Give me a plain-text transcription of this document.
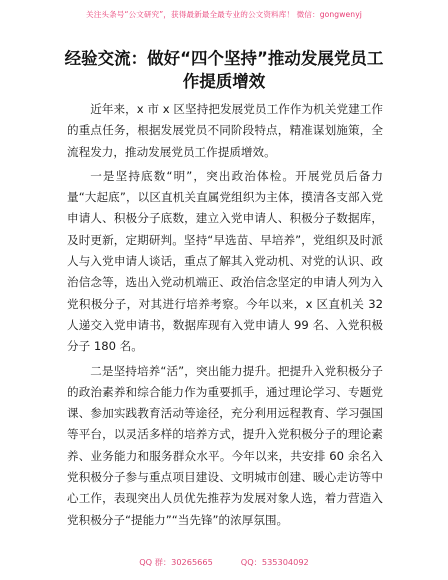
关注头条号“公文研究”，获得最新最全最专业的公文资料库！ 微信：gongwenyj
经验交流：做好“四个坚持”推动发展党员工作提质增效

近年来，x 市 x 区坚持把发展党员工作作为机关党建工作的重点任务，根据发展党员不同阶段特点，精准谋划施策，全流程发力，推动发展党员工作提质增效。

一是坚持底数“明”，突出政治体检。开展党员后备力量“大起底”，以区直机关直属党组织为主体，摸清各支部入党申请人、积极分子底数，建立入党申请人、积极分子数据库，及时更新，定期研判。坚持“早选苗、早培养”，党组织及时派人与入党申请人谈话，重点了解其入党动机、对党的认识、政治信念等，选出入党动机端正、政治信念坚定的申请人列为入党积极分子，对其进行培养考察。今年以来，x 区直机关 32 人递交入党申请书，数据库现有入党申请人 99 名、入党积极分子 180 名。

二是坚持培养“活”，突出能力提升。把提升入党积极分子的政治素养和综合能力作为重要抓手，通过理论学习、专题党课、参加实践教育活动等途径，充分利用远程教育、学习强国等平台，以灵活多样的培养方式，提升入党积极分子的理论素养、业务能力和服务群众水平。今年以来，共安排 60 余名入党积极分子参与重点项目建设、文明城市创建、暖心走访等中心工作，表现突出人员优先推荐为发展对象人选，着力营造入党积极分子“提能力”“当先锋”的浓厚氛围。

QQ 群：30265665	QQ：535304092
